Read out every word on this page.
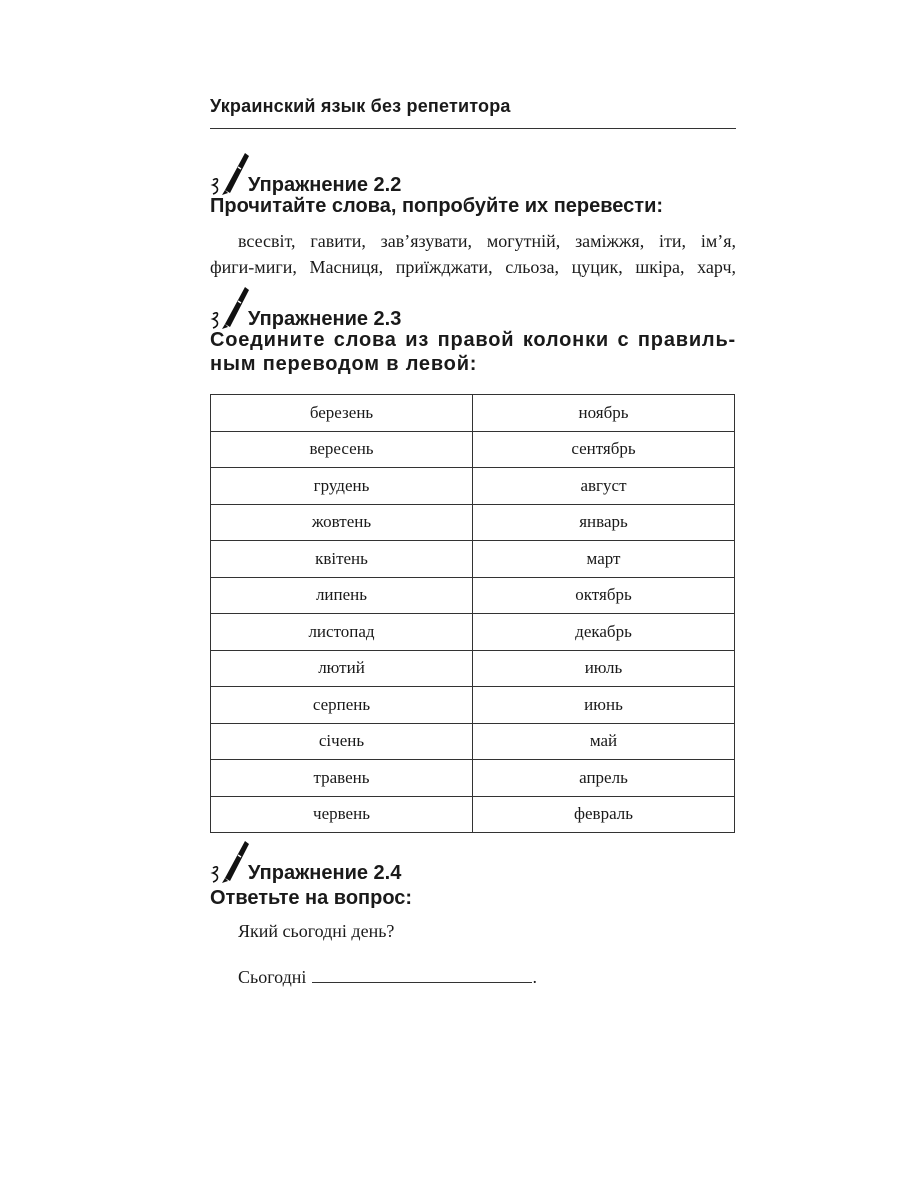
Украинский язык без репетитора
Упражнение 2.2
Прочитайте слова, попробуйте их перевести:
всесвіт, гавити, зав’язувати, могутній, заміжжя, іти, ім’я,
фиги-миги, Масниця, приїжджати, сльоза, цуцик, шкіра, харч,
Упражнение 2.3
Соедините слова из правой колонки с правиль- ным переводом в левой:
березень	ноябрь
вересень	сентябрь
грудень	август
жовтень	январь
квітень	март
липень	октябрь
листопад	декабрь
лютий	июль
серпень	июнь
січень	май
травень	апрель
червень	февраль
Упражнение 2.4
Ответьте на вопрос:
Який сьогодні день?
Сьогодні	.
